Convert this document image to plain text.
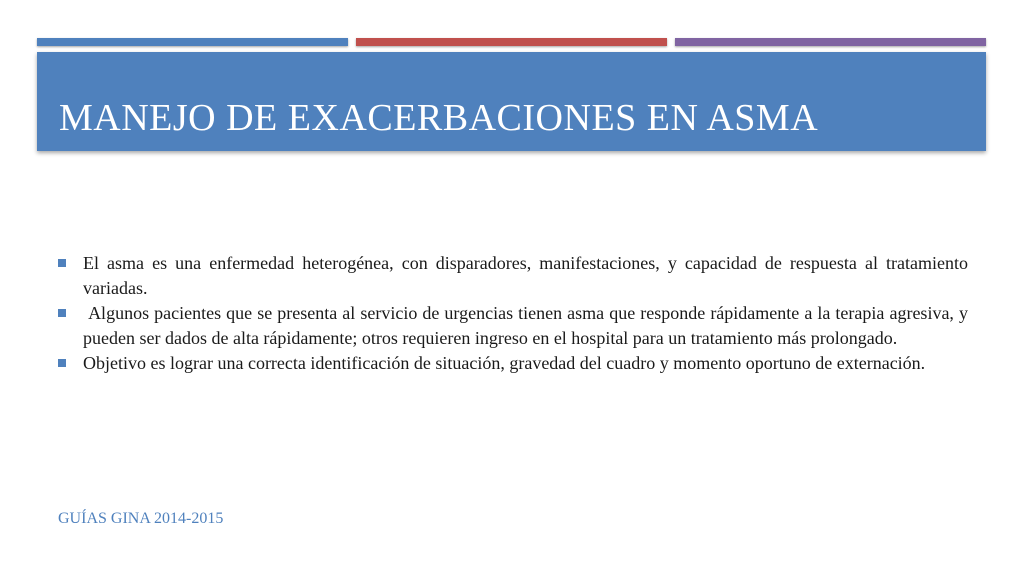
MANEJO DE EXACERBACIONES EN ASMA
El asma es una enfermedad heterogénea, con disparadores, manifestaciones, y capacidad de respuesta al tratamiento variadas.
Algunos pacientes que se presenta al servicio de urgencias tienen asma que responde rápidamente a la terapia agresiva, y pueden ser dados de alta rápidamente; otros requieren ingreso en el hospital para un tratamiento más prolongado.
Objetivo es lograr una correcta identificación de situación, gravedad del cuadro y momento oportuno de externación.

GUÍAS GINA 2014-2015
